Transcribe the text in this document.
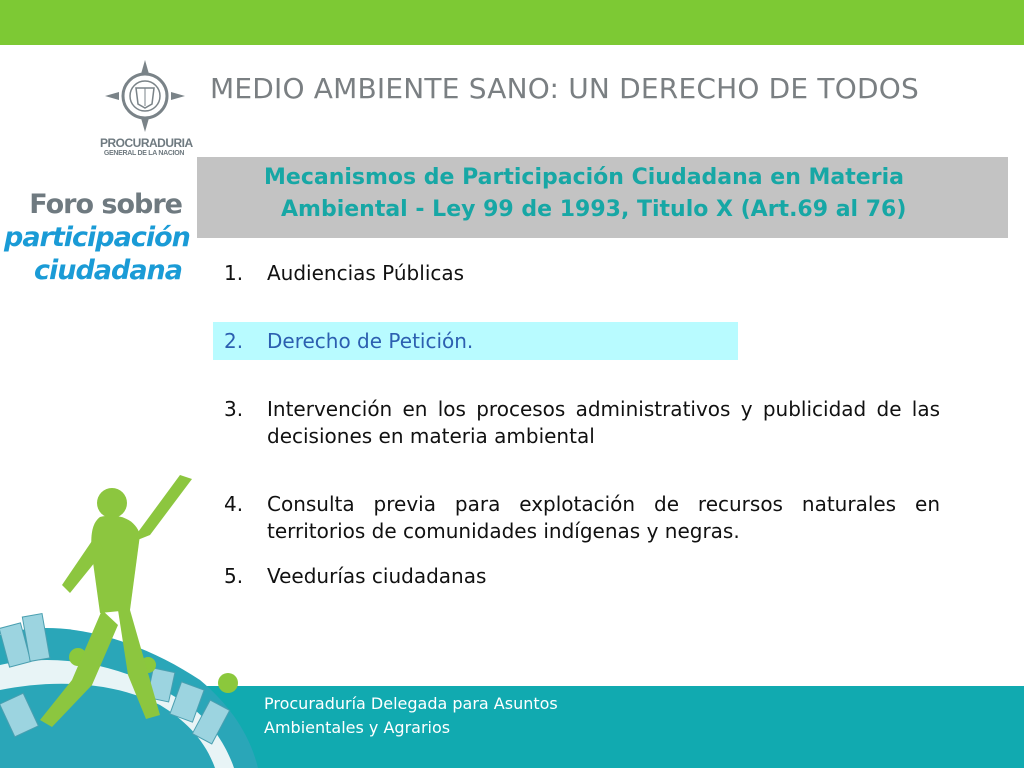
PROCURADURIA
GENERAL DE LA NACION
Foro sobre
participación
ciudadana
MEDIO AMBIENTE SANO: UN DERECHO DE TODOS
Mecanismos de Participación Ciudadana en Materia
Ambiental - Ley 99 de 1993, Titulo X (Art.69 al 76)
1.	Audiencias Públicas
2.	Derecho de Petición.
3.	Intervención en los procesos administrativos y publicidad de las decisiones en materia ambiental
4.	Consulta previa para explotación de recursos naturales en territorios de comunidades indígenas y negras.
5.	Veedurías ciudadanas
Procuraduría Delegada para Asuntos
Ambientales y Agrarios
